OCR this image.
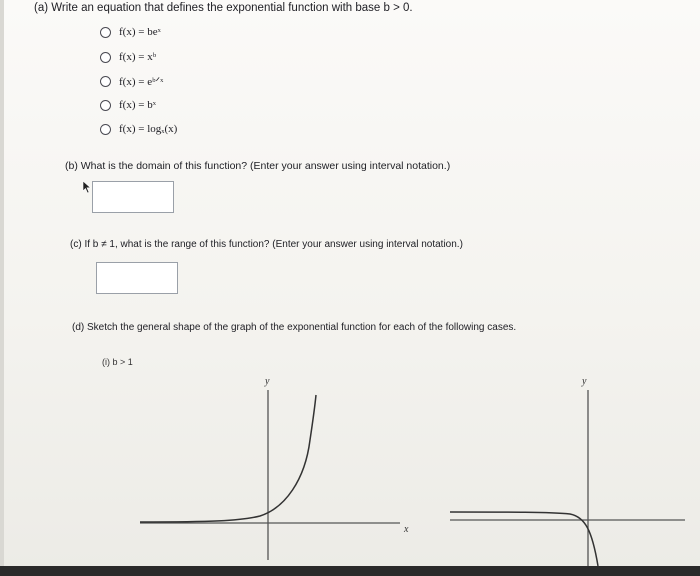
(a) Write an equation that defines the exponential function with base b > 0.
f(x) = beˣ
f(x) = xᵇ
f(x) = eᵇᐟˣ
f(x) = bˣ
f(x) = logₓ(x)
(b) What is the domain of this function? (Enter your answer using interval notation.)
(c) If b ≠ 1, what is the range of this function? (Enter your answer using interval notation.)
(d) Sketch the general shape of the graph of the exponential function for each of the following cases.
(i) b > 1
y
x
y
